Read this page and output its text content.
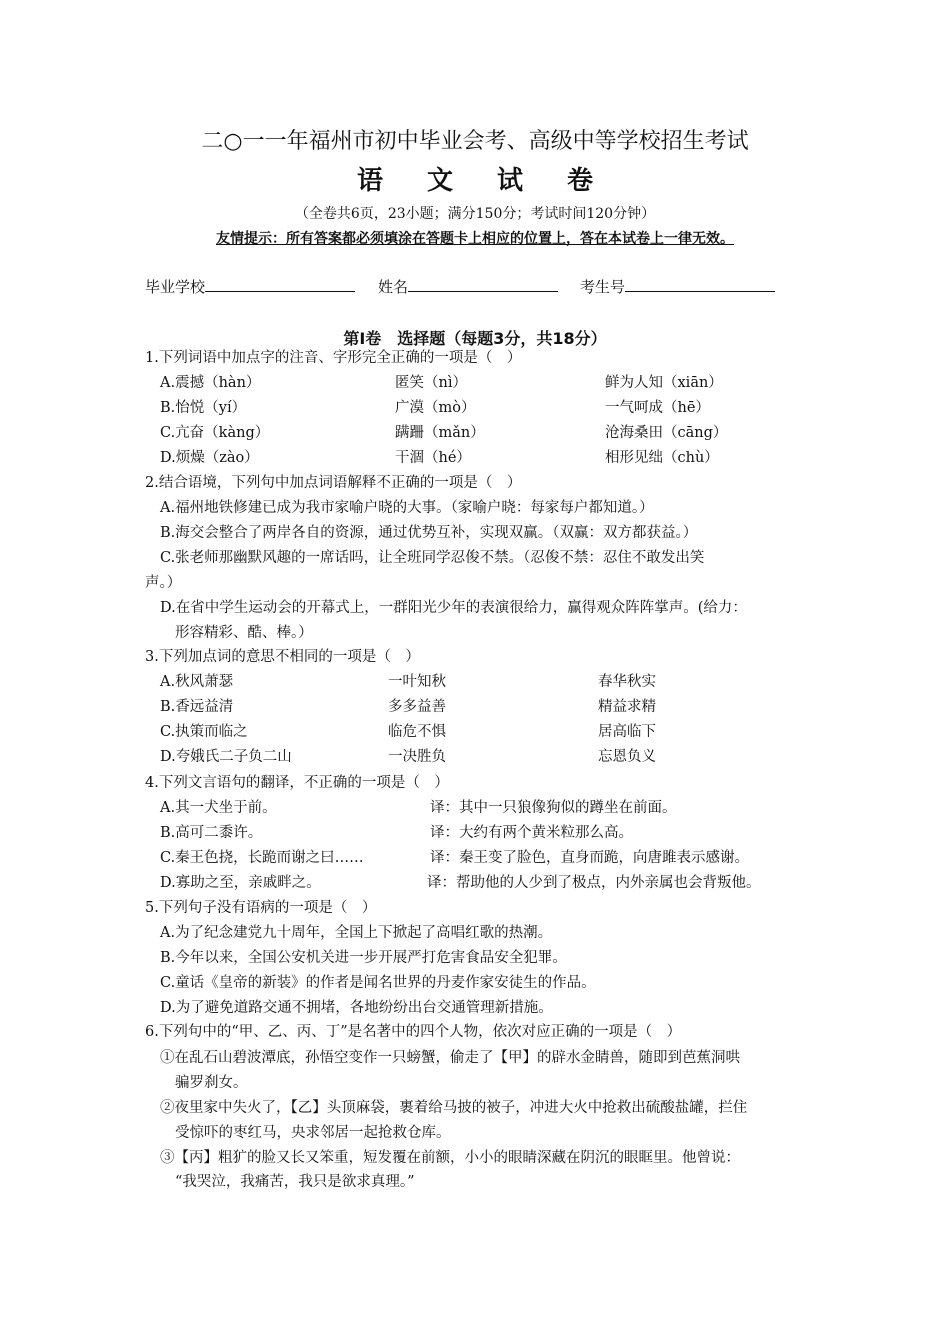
二○一一年福州市初中毕业会考、高级中等学校招生考试
语文试卷
（全卷共6页，23小题；满分150分；考试时间120分钟）
友情提示：所有答案都必须填涂在答题卡上相应的位置上，答在本试卷上一律无效。
毕业学校	姓名	考生号
第Ⅰ卷　选择题（每题3分，共18分）
1.下列词语中加点字的注音、字形完全正确的一项是（　）
A.震撼（hàn）	匿笑（nì）	鲜为人知（xiān）
B.怡悦（yí）	广漠（mò）	一气呵成（hē）
C.亢奋（kàng）	蹒跚（mǎn）	沧海桑田（cāng）
D.烦燥（zào）	干涸（hé）	相形见绌（chù）
2.结合语境，下列句中加点词语解释不正确的一项是（　）
A.福州地铁修建已成为我市家喻户晓的大事。（家喻户晓：每家每户都知道。）
B.海交会整合了两岸各自的资源，通过优势互补，实现双赢。（双赢：双方都获益。）
C.张老师那幽默风趣的一席话吗，让全班同学忍俊不禁。（忍俊不禁：忍住不敢发出笑
声。）
D.在省中学生运动会的开幕式上，一群阳光少年的表演很给力，赢得观众阵阵掌声。(给力：
形容精彩、酷、棒。）
3.下列加点词的意思不相同的一项是（　）
A.秋风萧瑟	一叶知秋	春华秋实
B.香远益清	多多益善	精益求精
C.执策而临之	临危不惧	居高临下
D.夸娥氏二子负二山	一决胜负	忘恩负义
4.下列文言语句的翻译，不正确的一项是（　）
A.其一犬坐于前。	译：其中一只狼像狗似的蹲坐在前面。
B.高可二黍许。	译：大约有两个黄米粒那么高。
C.秦王色挠，长跪而谢之曰……	译：秦王变了脸色，直身而跪，向唐雎表示感谢。
D.寡助之至，亲戚畔之。	译：帮助他的人少到了极点，内外亲属也会背叛他。
5.下列句子没有语病的一项是（　）
A.为了纪念建党九十周年，全国上下掀起了高唱红歌的热潮。
B.今年以来，全国公安机关进一步开展严打危害食品安全犯罪。
C.童话《皇帝的新装》的作者是闻名世界的丹麦作家安徒生的作品。
D.为了避免道路交通不拥堵，各地纷纷出台交通管理新措施。
6.下列句中的“甲、乙、丙、丁”是名著中的四个人物，依次对应正确的一项是（　）
①在乱石山碧波潭底，孙悟空变作一只螃蟹，偷走了【甲】的辟水金睛兽，随即到芭蕉洞哄
骗罗刹女。
②夜里家中失火了，【乙】头顶麻袋，裹着给马披的被子，冲进大火中抢救出硫酸盐罐，拦住
受惊吓的枣红马，央求邻居一起抢救仓库。
③【丙】粗犷的脸又长又笨重，短发覆在前额，小小的眼睛深藏在阴沉的眼眶里。他曾说：
“我哭泣，我痛苦，我只是欲求真理。”
